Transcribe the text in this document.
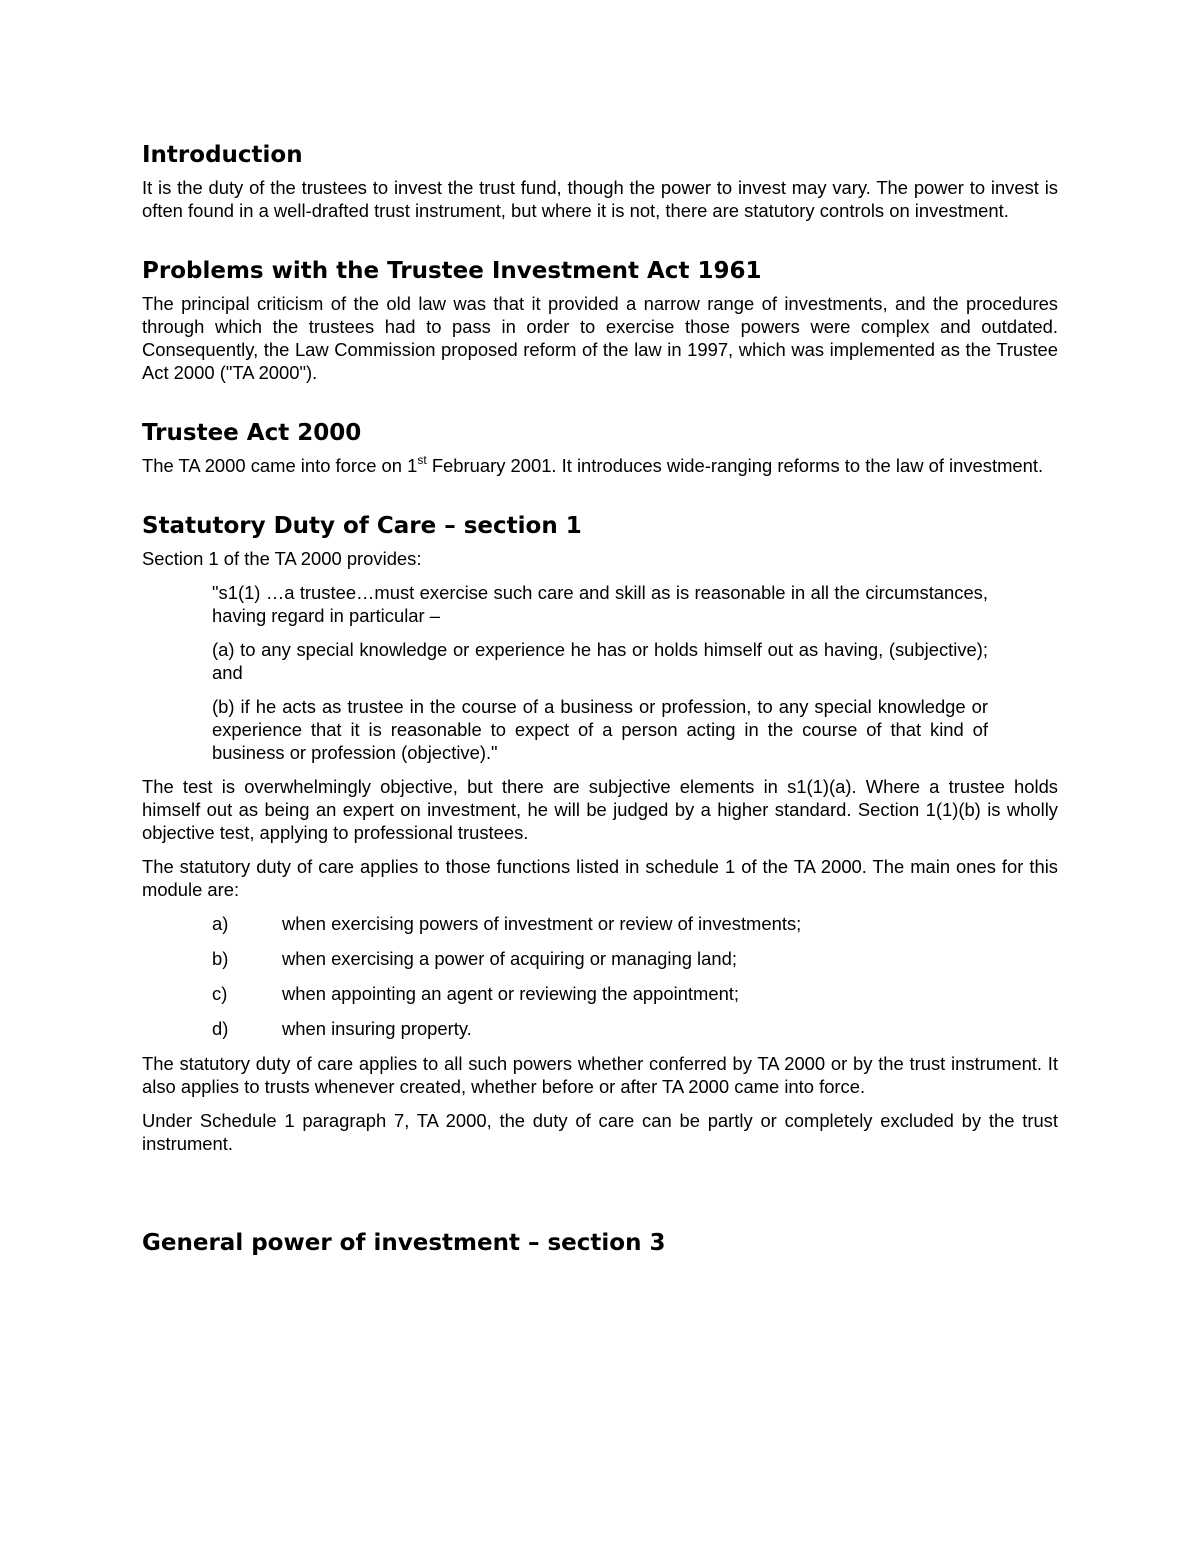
Introduction

It is the duty of the trustees to invest the trust fund, though the power to invest may vary. The power to invest is often found in a well-drafted trust instrument, but where it is not, there are statutory controls on investment.

Problems with the Trustee Investment Act 1961

The principal criticism of the old law was that it provided a narrow range of investments, and the procedures through which the trustees had to pass in order to exercise those powers were complex and outdated. Consequently, the Law Commission proposed reform of the law in 1997, which was implemented as the Trustee Act 2000 ("TA 2000").

Trustee Act 2000

The TA 2000 came into force on 1st February 2001. It introduces wide-ranging reforms to the law of investment.

Statutory Duty of Care – section 1

Section 1 of the TA 2000 provides:

"s1(1) …a trustee…must exercise such care and skill as is reasonable in all the circumstances, having regard in particular –

(a) to any special knowledge or experience he has or holds himself out as having, (subjective); and

(b) if he acts as trustee in the course of a business or profession, to any special knowledge or experience that it is reasonable to expect of a person acting in the course of that kind of business or profession (objective)."

The test is overwhelmingly objective, but there are subjective elements in s1(1)(a). Where a trustee holds himself out as being an expert on investment, he will be judged by a higher standard. Section 1(1)(b) is wholly objective test, applying to professional trustees.

The statutory duty of care applies to those functions listed in schedule 1 of the TA 2000. The main ones for this module are:

a)	when exercising powers of investment or review of investments;
b)	when exercising a power of acquiring or managing land;
c)	when appointing an agent or reviewing the appointment;
d)	when insuring property.

The statutory duty of care applies to all such powers whether conferred by TA 2000 or by the trust instrument. It also applies to trusts whenever created, whether before or after TA 2000 came into force.

Under Schedule 1 paragraph 7, TA 2000, the duty of care can be partly or completely excluded by the trust instrument.

General power of investment – section 3
